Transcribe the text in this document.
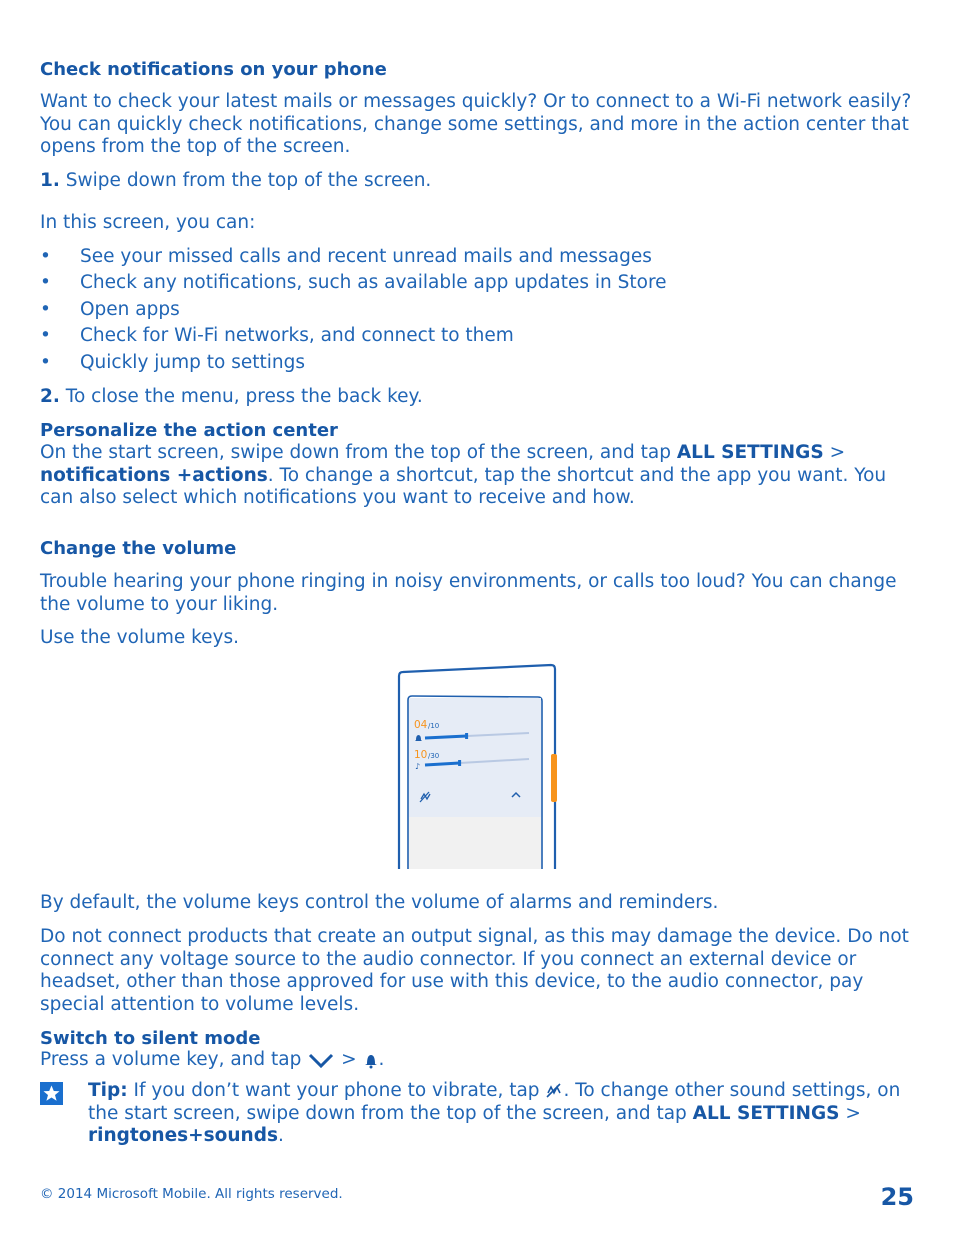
Check notifications on your phone
Want to check your latest mails or messages quickly? Or to connect to a Wi-Fi network easily? You can quickly check notifications, change some settings, and more in the action center that opens from the top of the screen.
1. Swipe down from the top of the screen.
In this screen, you can:
• See your missed calls and recent unread mails and messages
• Check any notifications, such as available app updates in Store
• Open apps
• Check for Wi-Fi networks, and connect to them
• Quickly jump to settings
2. To close the menu, press the back key.
Personalize the action center
On the start screen, swipe down from the top of the screen, and tap ALL SETTINGS > notifications +actions. To change a shortcut, tap the shortcut and the app you want. You can also select which notifications you want to receive and how.
Change the volume
Trouble hearing your phone ringing in noisy environments, or calls too loud? You can change the volume to your liking.
Use the volume keys.
04 /10
10 /30
♪
By default, the volume keys control the volume of alarms and reminders.
Do not connect products that create an output signal, as this may damage the device. Do not connect any voltage source to the audio connector. If you connect an external device or headset, other than those approved for use with this device, to the audio connector, pay special attention to volume levels.
Switch to silent mode
Press a volume key, and tap  > .
Tip: If you don’t want your phone to vibrate, tap . To change other sound settings, on the start screen, swipe down from the top of the screen, and tap ALL SETTINGS > ringtones+sounds.
© 2014 Microsoft Mobile. All rights reserved.	25
